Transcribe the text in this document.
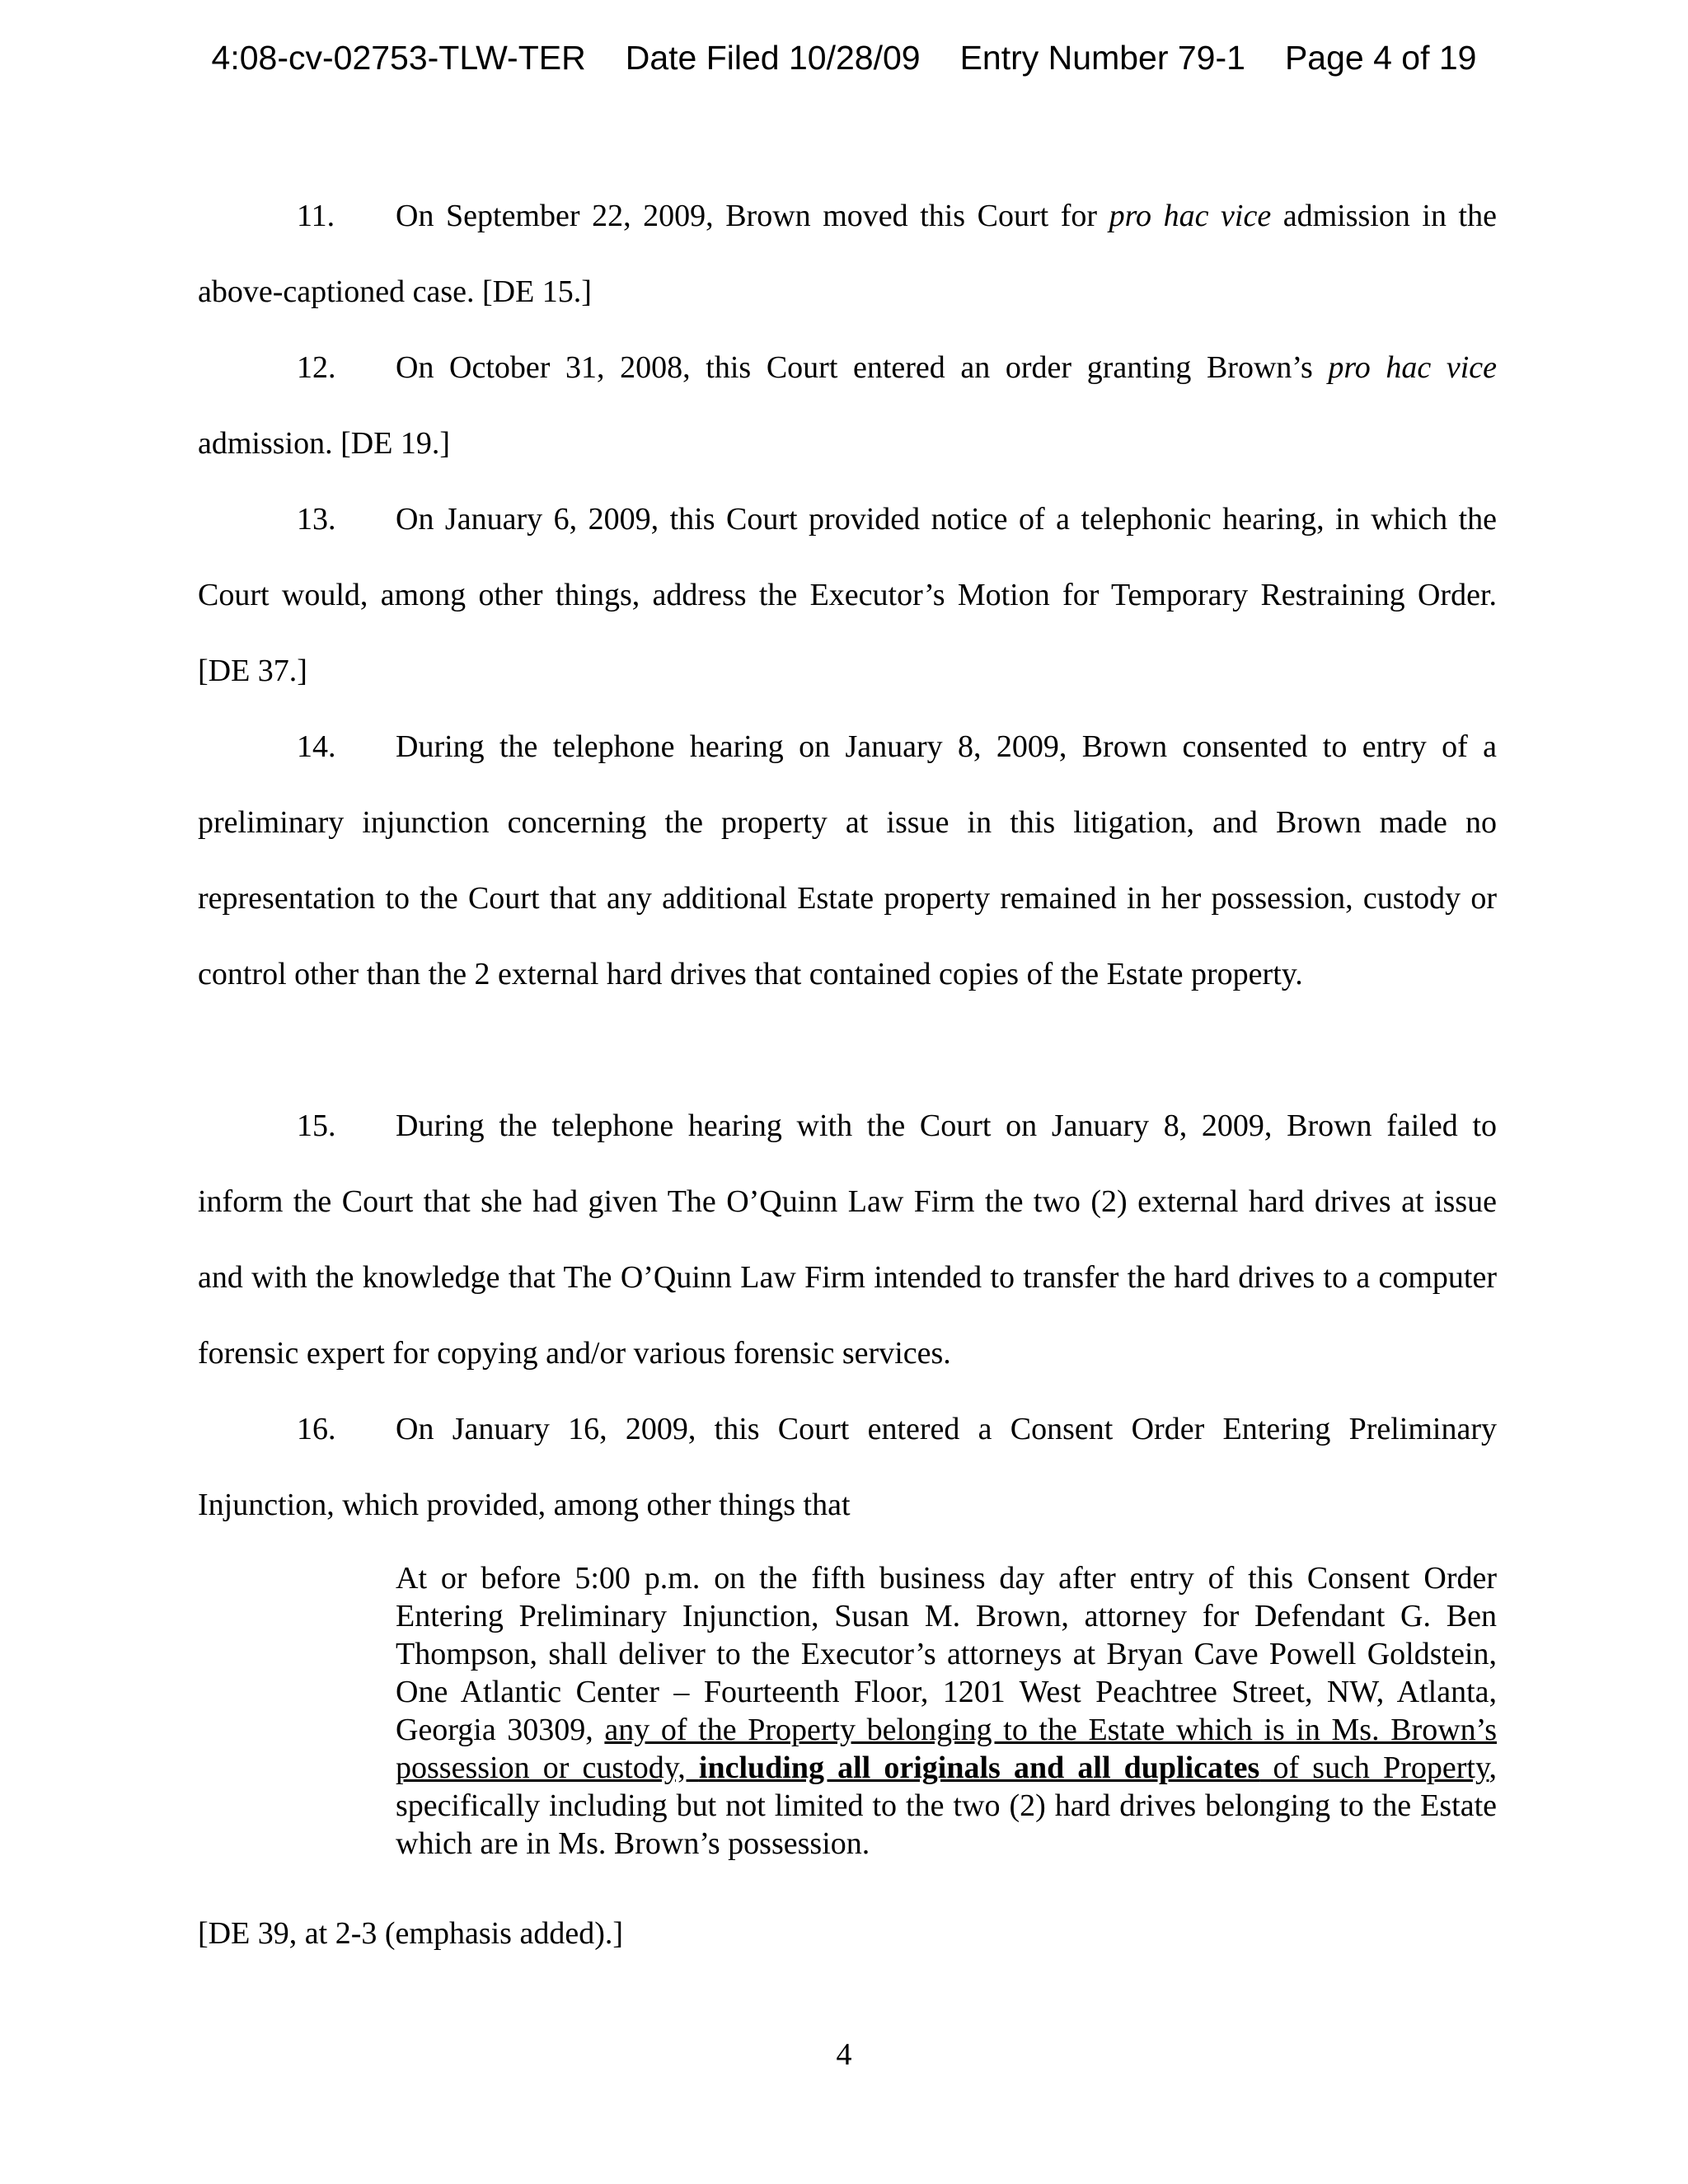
4:08-cv-02753-TLW-TER Date Filed 10/28/09 Entry Number 79-1 Page 4 of 19

11. On September 22, 2009, Brown moved this Court for pro hac vice admission in the above-captioned case. [DE 15.]

12. On October 31, 2008, this Court entered an order granting Brown’s pro hac vice admission. [DE 19.]

13. On January 6, 2009, this Court provided notice of a telephonic hearing, in which the Court would, among other things, address the Executor’s Motion for Temporary Restraining Order. [DE 37.]

14. During the telephone hearing on January 8, 2009, Brown consented to entry of a preliminary injunction concerning the property at issue in this litigation, and Brown made no representation to the Court that any additional Estate property remained in her possession, custody or control other than the 2 external hard drives that contained copies of the Estate property.

15. During the telephone hearing with the Court on January 8, 2009, Brown failed to inform the Court that she had given The O’Quinn Law Firm the two (2) external hard drives at issue and with the knowledge that The O’Quinn Law Firm intended to transfer the hard drives to a computer forensic expert for copying and/or various forensic services.

16. On January 16, 2009, this Court entered a Consent Order Entering Preliminary Injunction, which provided, among other things that

At or before 5:00 p.m. on the fifth business day after entry of this Consent Order Entering Preliminary Injunction, Susan M. Brown, attorney for Defendant G. Ben Thompson, shall deliver to the Executor’s attorneys at Bryan Cave Powell Goldstein, One Atlantic Center – Fourteenth Floor, 1201 West Peachtree Street, NW, Atlanta, Georgia 30309, any of the Property belonging to the Estate which is in Ms. Brown’s possession or custody, including all originals and all duplicates of such Property, specifically including but not limited to the two (2) hard drives belonging to the Estate which are in Ms. Brown’s possession.

[DE 39, at 2-3 (emphasis added).]

4
